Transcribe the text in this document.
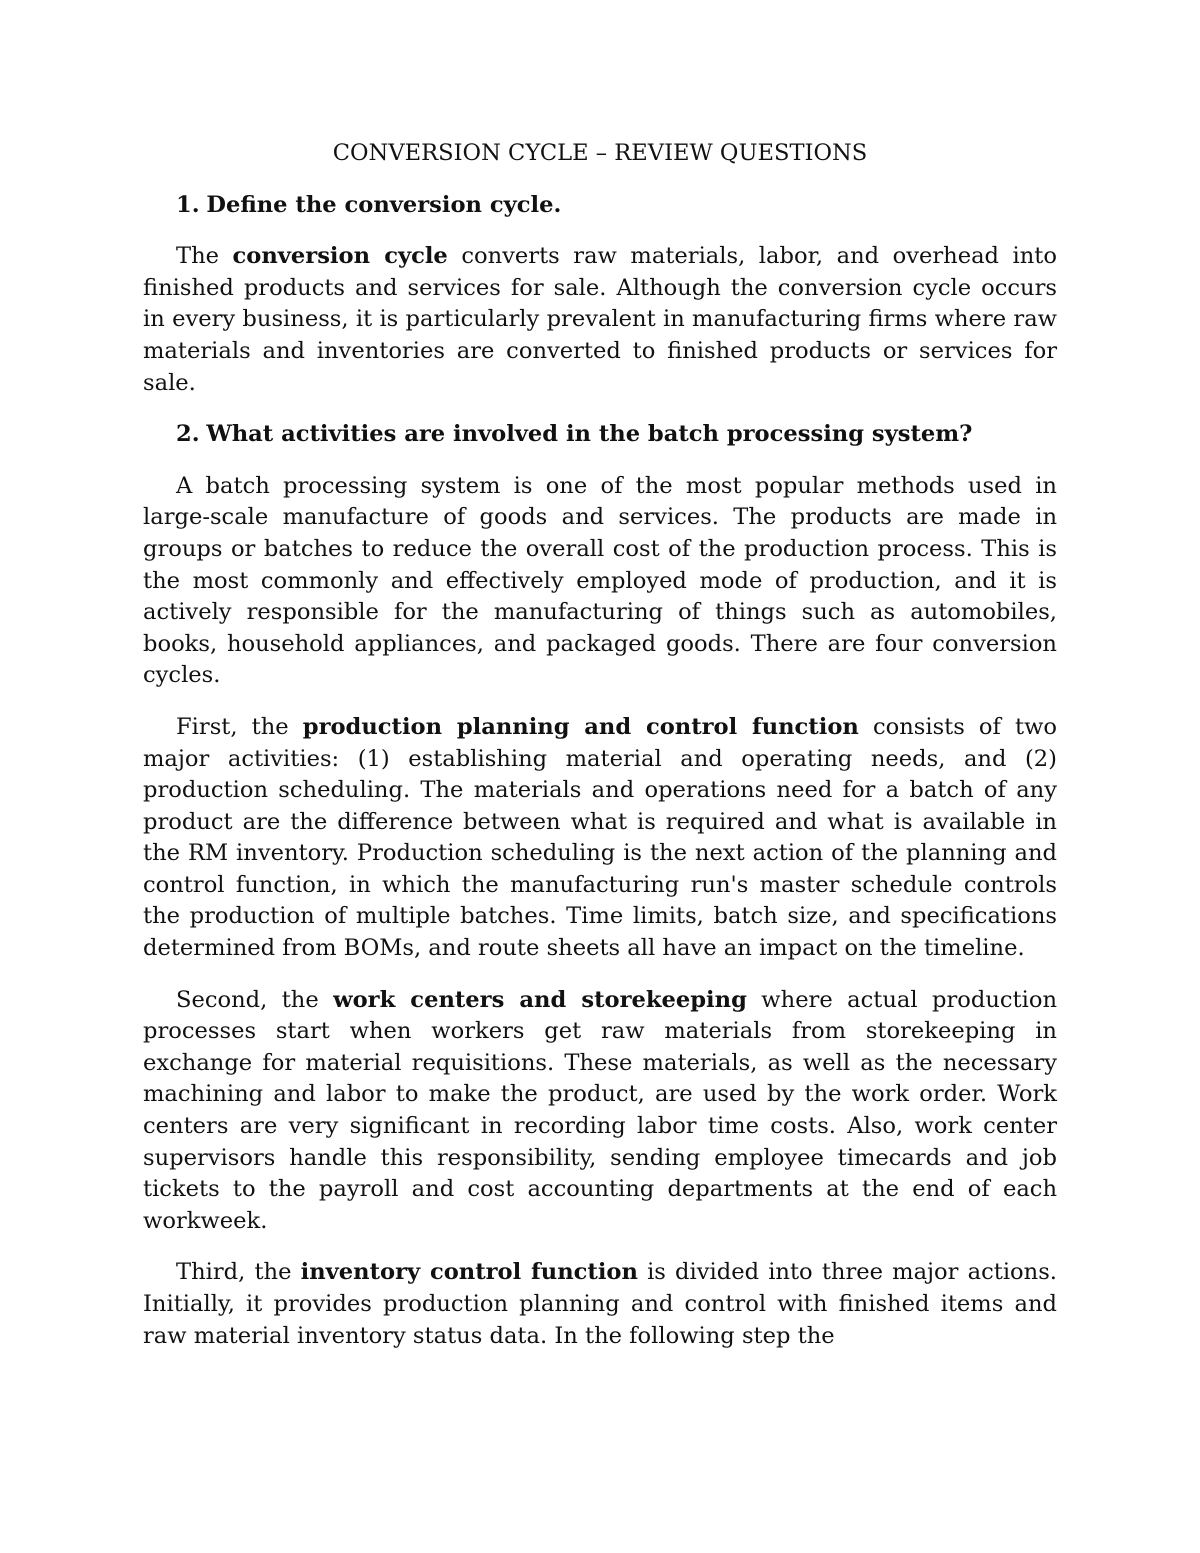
CONVERSION CYCLE – REVIEW QUESTIONS

1. Define the conversion cycle.

The conversion cycle converts raw materials, labor, and overhead into finished products and services for sale. Although the conversion cycle occurs in every business, it is particularly prevalent in manufacturing firms where raw materials and inventories are converted to finished products or services for sale.

2. What activities are involved in the batch processing system?

A batch processing system is one of the most popular methods used in large-scale manufacture of goods and services. The products are made in groups or batches to reduce the overall cost of the production process. This is the most commonly and effectively employed mode of production, and it is actively responsible for the manufacturing of things such as automobiles, books, household appliances, and packaged goods. There are four conversion cycles.

First, the production planning and control function consists of two major activities: (1) establishing material and operating needs, and (2) production scheduling. The materials and operations need for a batch of any product are the difference between what is required and what is available in the RM inventory. Production scheduling is the next action of the planning and control function, in which the manufacturing run's master schedule controls the production of multiple batches. Time limits, batch size, and specifications determined from BOMs, and route sheets all have an impact on the timeline.

Second, the work centers and storekeeping where actual production processes start when workers get raw materials from storekeeping in exchange for material requisitions. These materials, as well as the necessary machining and labor to make the product, are used by the work order. Work centers are very significant in recording labor time costs. Also, work center supervisors handle this responsibility, sending employee timecards and job tickets to the payroll and cost accounting departments at the end of each workweek.

Third, the inventory control function is divided into three major actions. Initially, it provides production planning and control with finished items and raw material inventory status data. In the following step the
